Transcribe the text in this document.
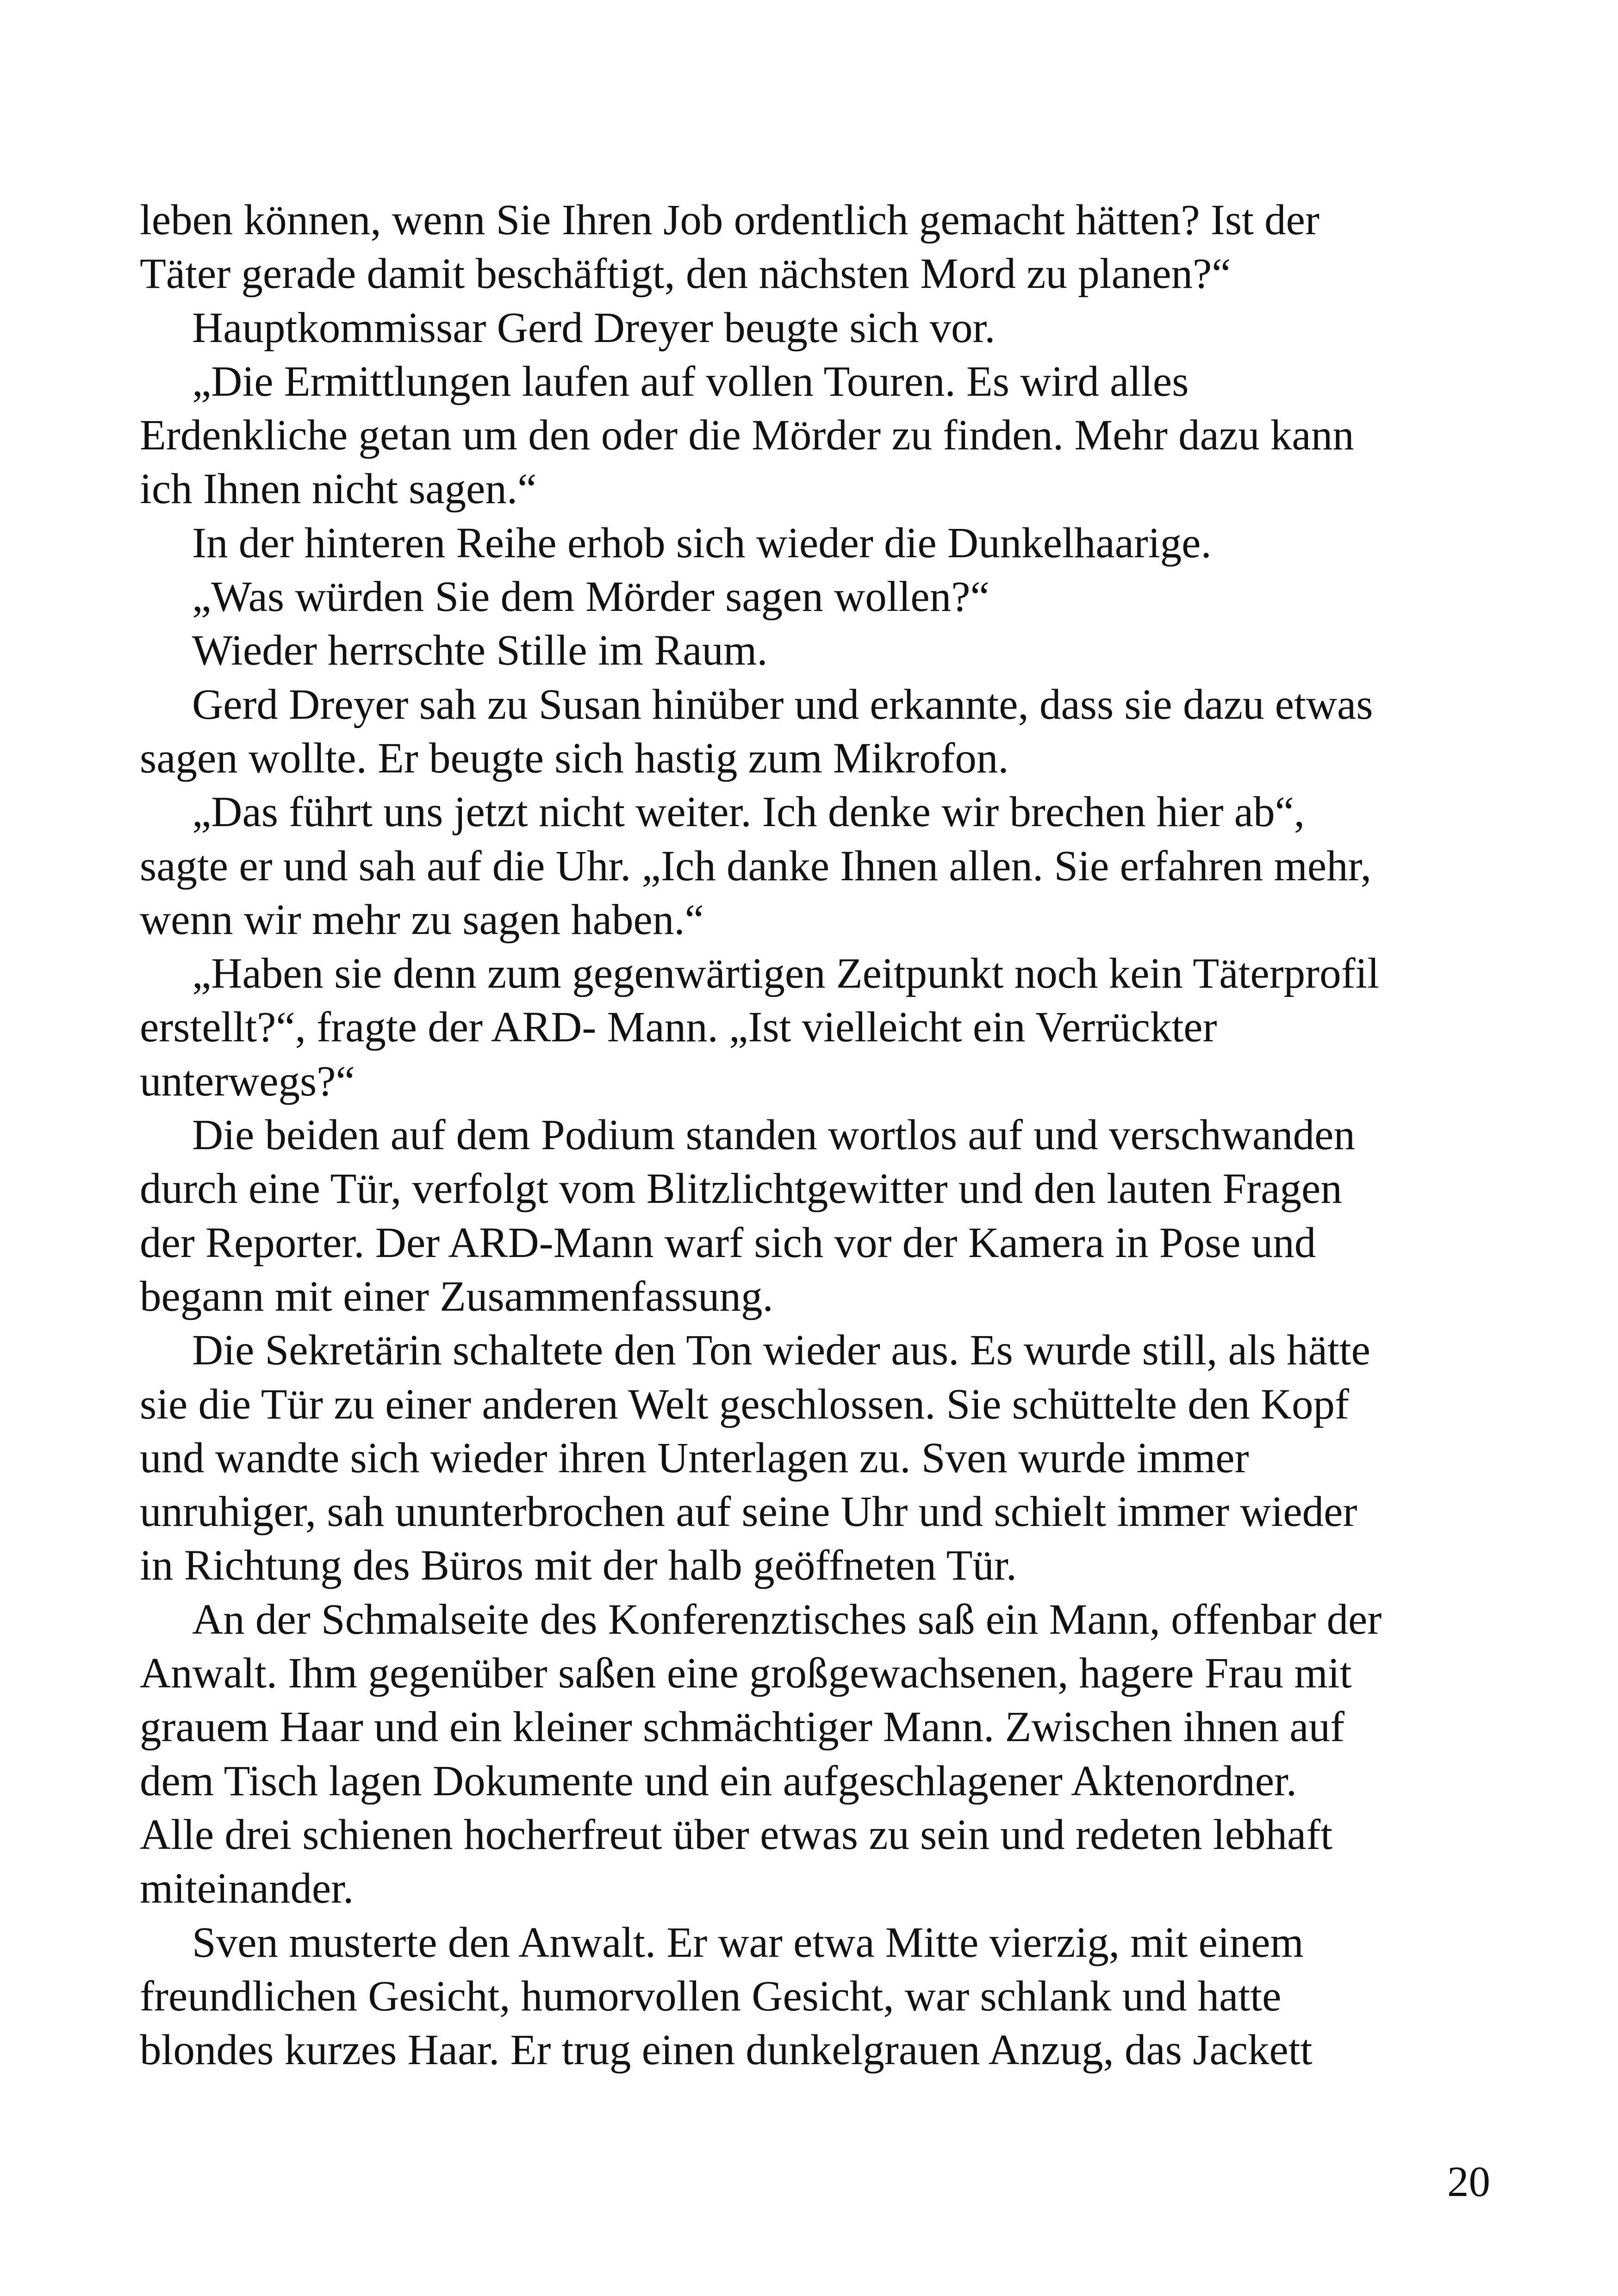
leben können, wenn Sie Ihren Job ordentlich gemacht hätten? Ist der
Täter gerade damit beschäftigt, den nächsten Mord zu planen?“
Hauptkommissar Gerd Dreyer beugte sich vor.
„Die Ermittlungen laufen auf vollen Touren. Es wird alles
Erdenkliche getan um den oder die Mörder zu finden. Mehr dazu kann
ich Ihnen nicht sagen.“
In der hinteren Reihe erhob sich wieder die Dunkelhaarige.
„Was würden Sie dem Mörder sagen wollen?“
Wieder herrschte Stille im Raum.
Gerd Dreyer sah zu Susan hinüber und erkannte, dass sie dazu etwas
sagen wollte. Er beugte sich hastig zum Mikrofon.
„Das führt uns jetzt nicht weiter. Ich denke wir brechen hier ab“,
sagte er und sah auf die Uhr. „Ich danke Ihnen allen. Sie erfahren mehr,
wenn wir mehr zu sagen haben.“
„Haben sie denn zum gegenwärtigen Zeitpunkt noch kein Täterprofil
erstellt?“, fragte der ARD- Mann. „Ist vielleicht ein Verrückter
unterwegs?“
Die beiden auf dem Podium standen wortlos auf und verschwanden
durch eine Tür, verfolgt vom Blitzlichtgewitter und den lauten Fragen
der Reporter. Der ARD-Mann warf sich vor der Kamera in Pose und
begann mit einer Zusammenfassung.
Die Sekretärin schaltete den Ton wieder aus. Es wurde still, als hätte
sie die Tür zu einer anderen Welt geschlossen. Sie schüttelte den Kopf
und wandte sich wieder ihren Unterlagen zu. Sven wurde immer
unruhiger, sah ununterbrochen auf seine Uhr und schielt immer wieder
in Richtung des Büros mit der halb geöffneten Tür.
An der Schmalseite des Konferenztisches saß ein Mann, offenbar der
Anwalt. Ihm gegenüber saßen eine großgewachsenen, hagere Frau mit
grauem Haar und ein kleiner schmächtiger Mann. Zwischen ihnen auf
dem Tisch lagen Dokumente und ein aufgeschlagener Aktenordner.
Alle drei schienen hocherfreut über etwas zu sein und redeten lebhaft
miteinander.
Sven musterte den Anwalt. Er war etwa Mitte vierzig, mit einem
freundlichen Gesicht, humorvollen Gesicht, war schlank und hatte
blondes kurzes Haar. Er trug einen dunkelgrauen Anzug, das Jackett
20
